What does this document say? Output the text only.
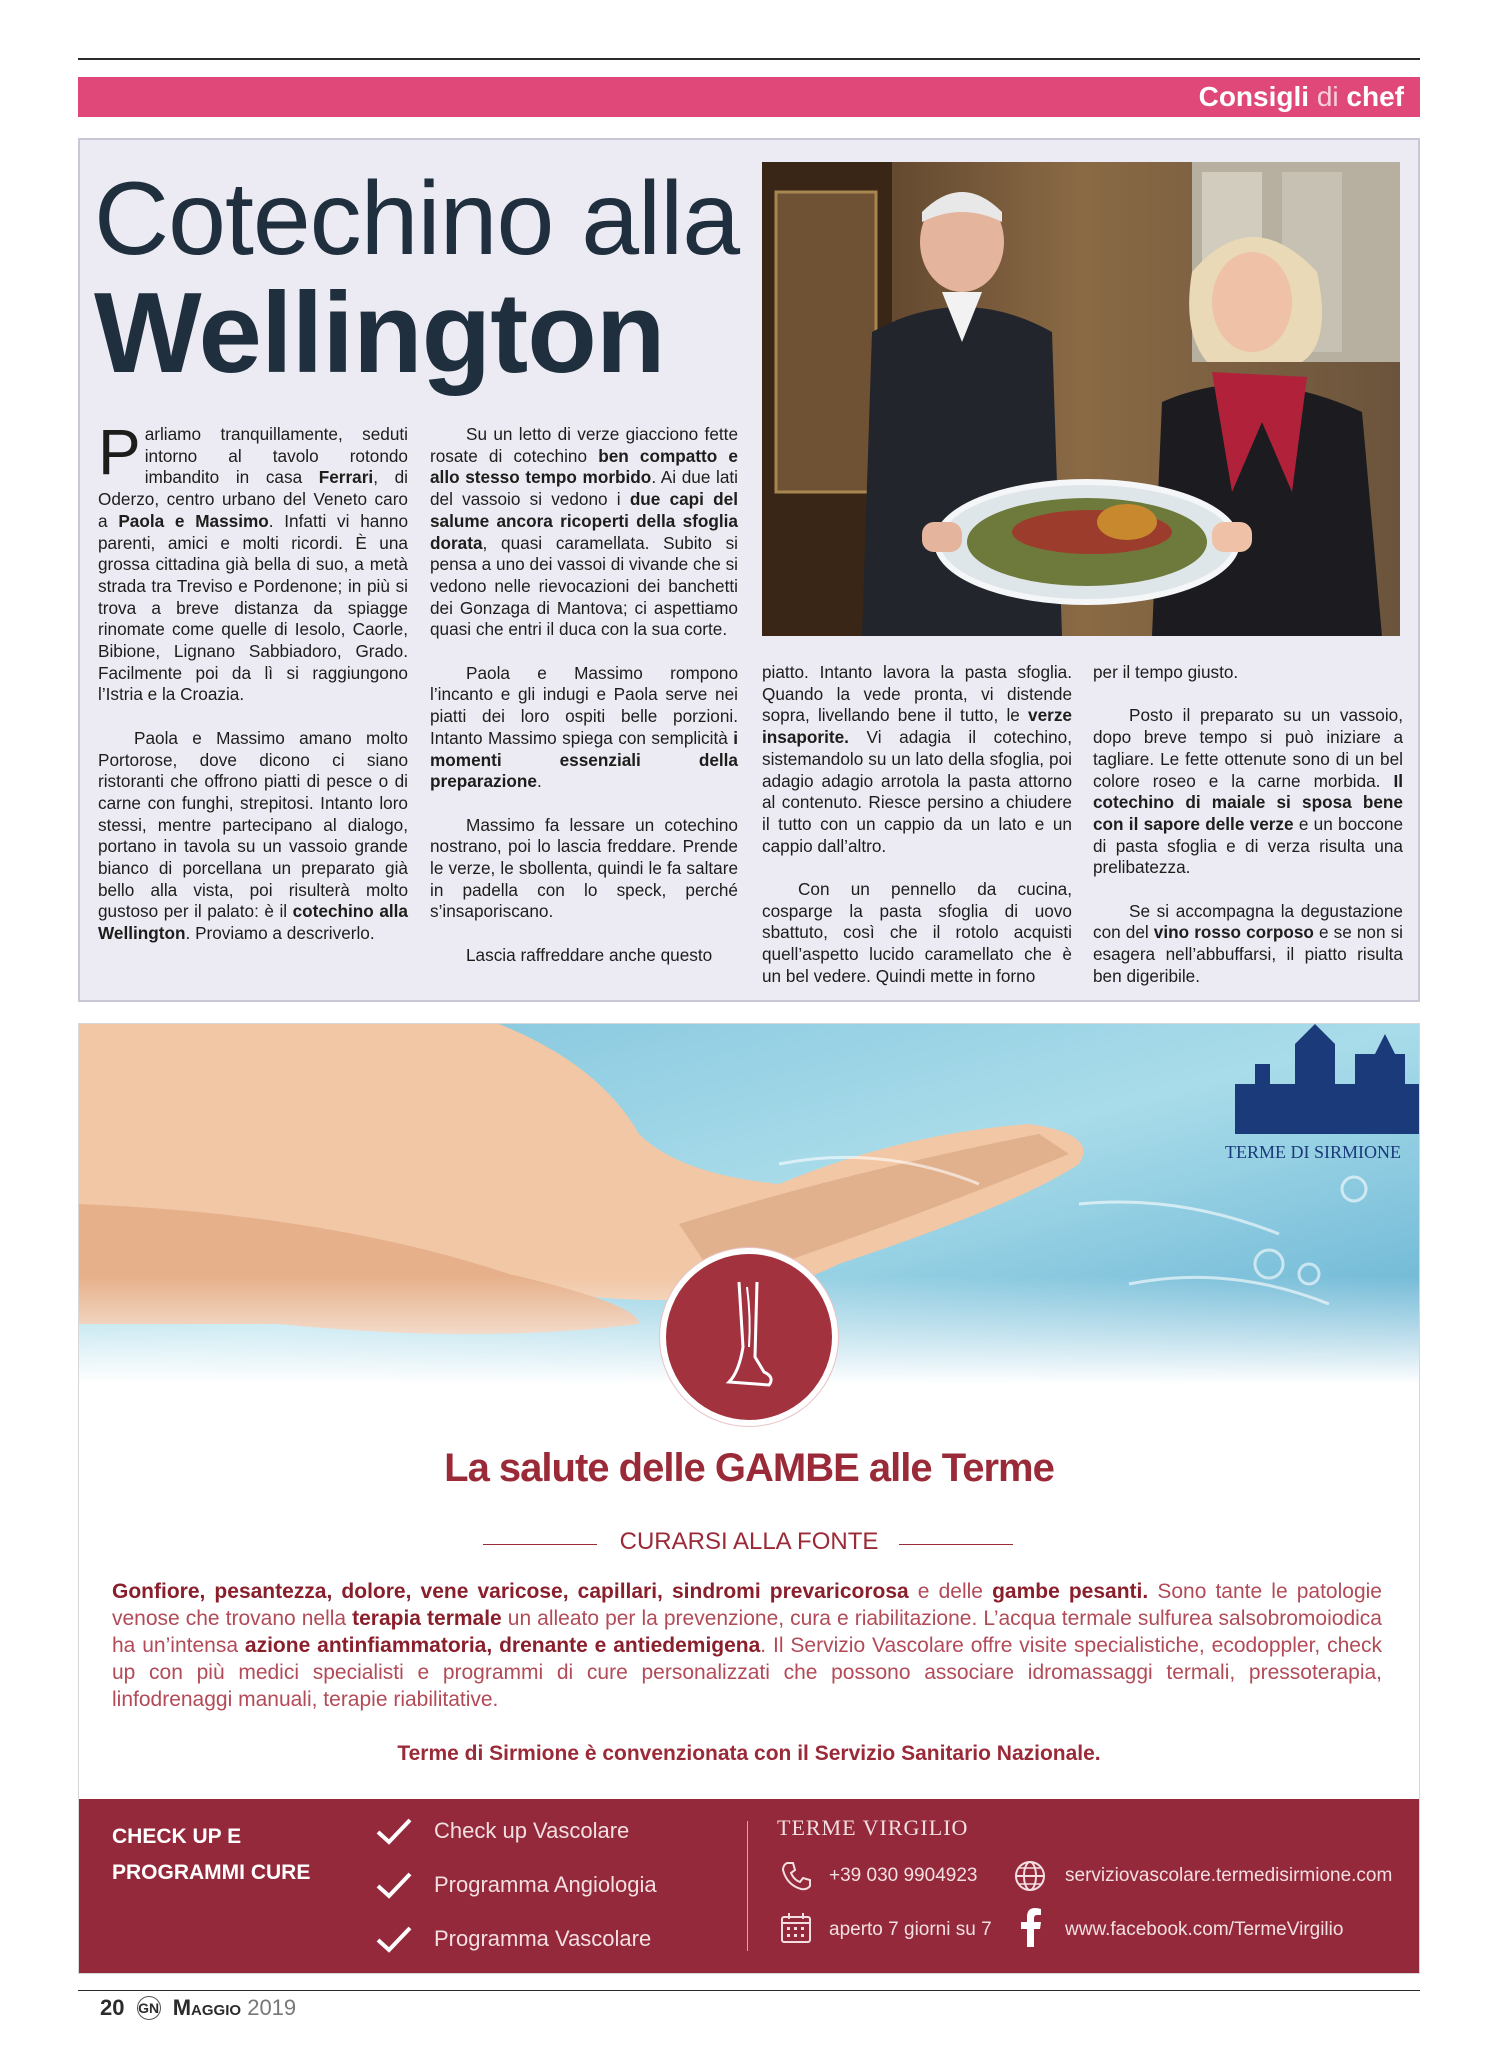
Consigli di chef
Cotechino alla
Wellington

Parliamo tranquillamente, seduti intorno al tavolo rotondo imbandito in casa Ferrari, di Oderzo, centro urbano del Veneto caro a Paola e Massimo. Infatti vi hanno parenti, amici e molti ricordi. È una grossa cittadina già bella di suo, a metà strada tra Treviso e Pordenone; in più si trova a breve distanza da spiagge rinomate come quelle di Iesolo, Caorle, Bibione, Lignano Sabbiadoro, Grado. Facilmente poi da lì si raggiungono l’Istria e la Croazia.

Paola e Massimo amano molto Portorose, dove dicono ci siano ristoranti che offrono piatti di pesce o di carne con funghi, strepitosi. Intanto loro stessi, mentre partecipano al dialogo, portano in tavola su un vassoio grande bianco di porcellana un preparato già bello alla vista, poi risulterà molto gustoso per il palato: è il cotechino alla Wellington. Proviamo a descriverlo.

Su un letto di verze giacciono fette rosate di cotechino ben compatto e allo stesso tempo morbido. Ai due lati del vassoio si vedono i due capi del salume ancora ricoperti della sfoglia dorata, quasi caramellata. Subito si pensa a uno dei vassoi di vivande che si vedono nelle rievocazioni dei banchetti dei Gonzaga di Mantova; ci aspettiamo quasi che entri il duca con la sua corte.

Paola e Massimo rompono l’incanto e gli indugi e Paola serve nei piatti dei loro ospiti belle porzioni. Intanto Massimo spiega con semplicità i momenti essenziali della preparazione.

Massimo fa lessare un cotechino nostrano, poi lo lascia freddare. Prende le verze, le sbollenta, quindi le fa saltare in padella con lo speck, perché s’insaporiscano.

Lascia raffreddare anche questo

piatto. Intanto lavora la pasta sfoglia. Quando la vede pronta, vi distende sopra, livellando bene il tutto, le verze insaporite. Vi adagia il cotechino, sistemandolo su un lato della sfoglia, poi adagio adagio arrotola la pasta attorno al contenuto. Riesce persino a chiudere il tutto con un cappio da un lato e un cappio dall’altro.

Con un pennello da cucina, cosparge la pasta sfoglia di uovo sbattuto, così che il rotolo acquisti quell’aspetto lucido caramellato che è un bel vedere. Quindi mette in forno

per il tempo giusto.

Posto il preparato su un vassoio, dopo breve tempo si può iniziare a tagliare. Le fette ottenute sono di un bel colore roseo e la carne morbida. Il cotechino di maiale si sposa bene con il sapore delle verze e un boccone di pasta sfoglia e di verza risulta una prelibatezza.

Se si accompagna la degustazione con del vino rosso corposo e se non si esagera nell’abbuffarsi, il piatto risulta ben digeribile.

TERME DI SIRMIONE
La salute delle GAMBE alle Terme
CURARSI ALLA FONTE
Gonfiore, pesantezza, dolore, vene varicose, capillari, sindromi prevaricorosa e delle gambe pesanti. Sono tante le patologie venose che trovano nella terapia termale un alleato per la prevenzione, cura e riabilitazione. L’acqua termale sulfurea salsobromoiodica ha un’intensa azione antinfiammatoria, drenante e antiedemigena. Il Servizio Vascolare offre visite specialistiche, ecodoppler, check up con più medici specialisti e programmi di cure personalizzati che possono associare idromassaggi termali, pressoterapia, linfodrenaggi manuali, terapie riabilitative.
Terme di Sirmione è convenzionata con il Servizio Sanitario Nazionale.
CHECK UP E PROGRAMMI CURE
Check up Vascolare
Programma Angiologia
Programma Vascolare
TERME VIRGILIO
+39 030 9904923	serviziovascolare.termedisirmione.com
aperto 7 giorni su 7	www.facebook.com/TermeVirgilio
20 GN Maggio 2019
